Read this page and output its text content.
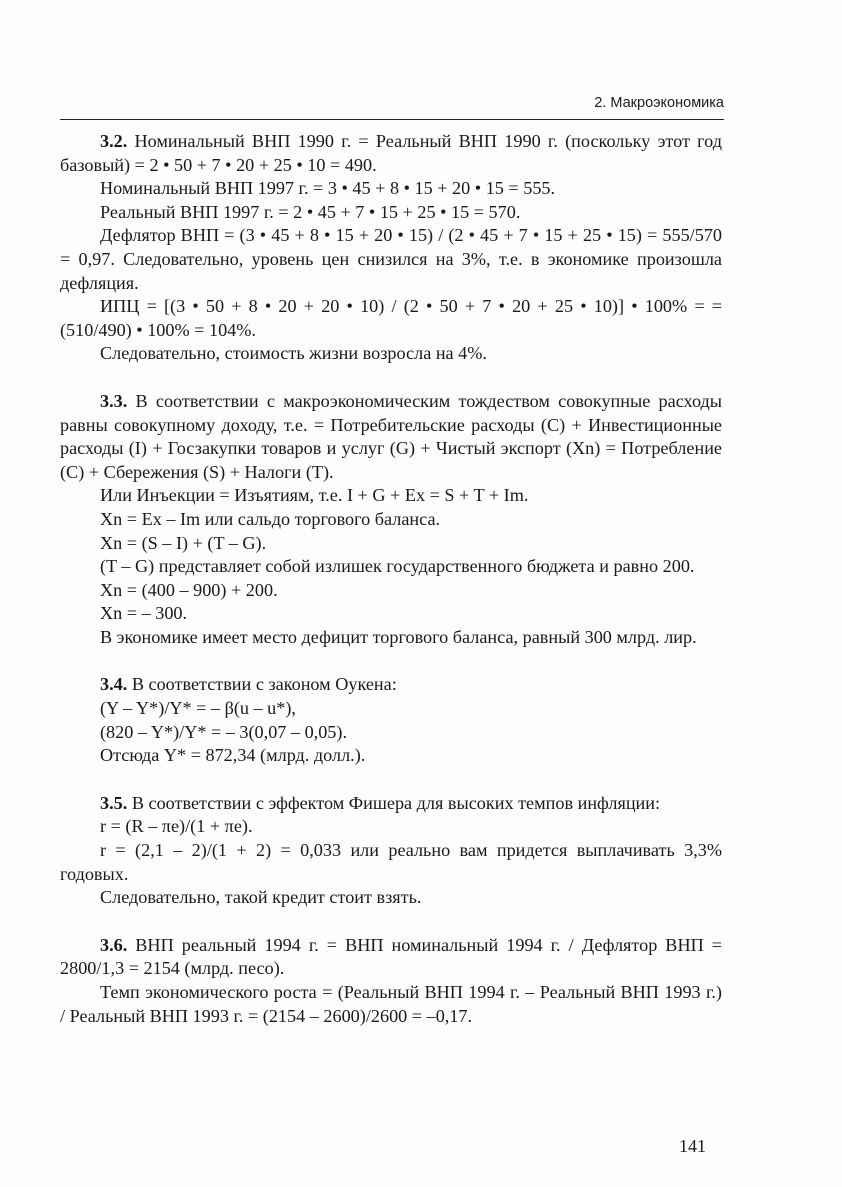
2. Макроэкономика

3.2. Номинальный ВНП 1990 г. = Реальный ВНП 1990 г. (поскольку этот год базовый) = 2 • 50 + 7 • 20 + 25 • 10 = 490.

Номинальный ВНП 1997 г. = 3 • 45 + 8 • 15 + 20 • 15 = 555.

Реальный ВНП 1997 г. = 2 • 45 + 7 • 15 + 25 • 15 = 570.

Дефлятор ВНП = (3 • 45 + 8 • 15 + 20 • 15) / (2 • 45 + 7 • 15 + 25 • 15) = 555/570 = 0,97. Следовательно, уровень цен снизился на 3%, т.е. в экономике произошла дефляция.

ИПЦ = [(3 • 50 + 8 • 20 + 20 • 10) / (2 • 50 + 7 • 20 + 25 • 10)] • 100% = = (510/490) • 100% = 104%.

Следовательно, стоимость жизни возросла на 4%.

3.3. В соответствии с макроэкономическим тождеством совокупные расходы равны совокупному доходу, т.е. = Потребительские расходы (C) + Инвестиционные расходы (I) + Госзакупки товаров и услуг (G) + Чистый экспорт (Xn) = Потребление (C) + Сбережения (S) + Налоги (T).

Или Инъекции = Изъятиям, т.е. I + G + Ex = S + T + Im.

Xn = Ex – Im или сальдо торгового баланса.

Xn = (S – I) + (T – G).

(T – G) представляет собой излишек государственного бюджета и равно 200.

Xn = (400 – 900) + 200.

Xn = – 300.

В экономике имеет место дефицит торгового баланса, равный 300 млрд. лир.

3.4. В соответствии с законом Оукена:

(Y – Y*)/Y* = – β(u – u*),

(820 – Y*)/Y* = – 3(0,07 – 0,05).

Отсюда Y* = 872,34 (млрд. долл.).

3.5. В соответствии с эффектом Фишера для высоких темпов инфляции:

r = (R – πe)/(1 + πe).

r = (2,1 – 2)/(1 + 2) = 0,033 или реально вам придется выплачивать 3,3% годовых.

Следовательно, такой кредит стоит взять.

3.6. ВНП реальный 1994 г. = ВНП номинальный 1994 г. / Дефлятор ВНП = 2800/1,3 = 2154 (млрд. песо).

Темп экономического роста = (Реальный ВНП 1994 г. – Реальный ВНП 1993 г.) / Реальный ВНП 1993 г. = (2154 – 2600)/2600 = –0,17.

141
